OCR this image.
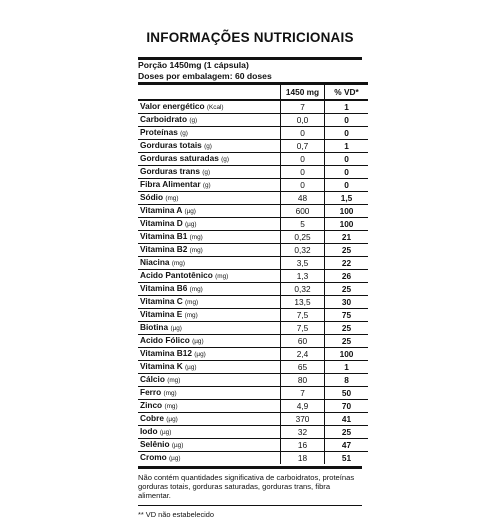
INFORMAÇÕES NUTRICIONAIS
Porção 1450mg (1 cápsula)
Doses por embalagem: 60 doses
	1450 mg	% VD*
Valor energético (Kcal)	7	1
Carboidrato (g)	0,0	0
Proteínas (g)	0	0
Gorduras totais (g)	0,7	1
Gorduras saturadas (g)	0	0
Gorduras trans (g)	0	0
Fibra Alimentar (g)	0	0
Sódio (mg)	48	1,5
Vitamina A (µg)	600	100
Vitamina D (µg)	5	100
Vitamina B1 (mg)	0,25	21
Vitamina B2 (mg)	0,32	25
Niacina (mg)	3,5	22
Acido Pantotênico (mg)	1,3	26
Vitamina B6 (mg)	0,32	25
Vitamina C (mg)	13,5	30
Vitamina E (mg)	7,5	75
Biotina (µg)	7,5	25
Acido Fólico (µg)	60	25
Vitamina B12 (µg)	2,4	100
Vitamina K (µg)	65	1
Cálcio (mg)	80	8
Ferro (mg)	7	50
Zinco (mg)	4,9	70
Cobre (µg)	370	41
Iodo (µg)	32	25
Selênio (µg)	16	47
Cromo (µg)	18	51
Não contém quantidades significativa de carboidratos, proteínas gorduras totais, gorduras saturadas, gorduras trans, fibra alimentar.
** VD não estabelecido
